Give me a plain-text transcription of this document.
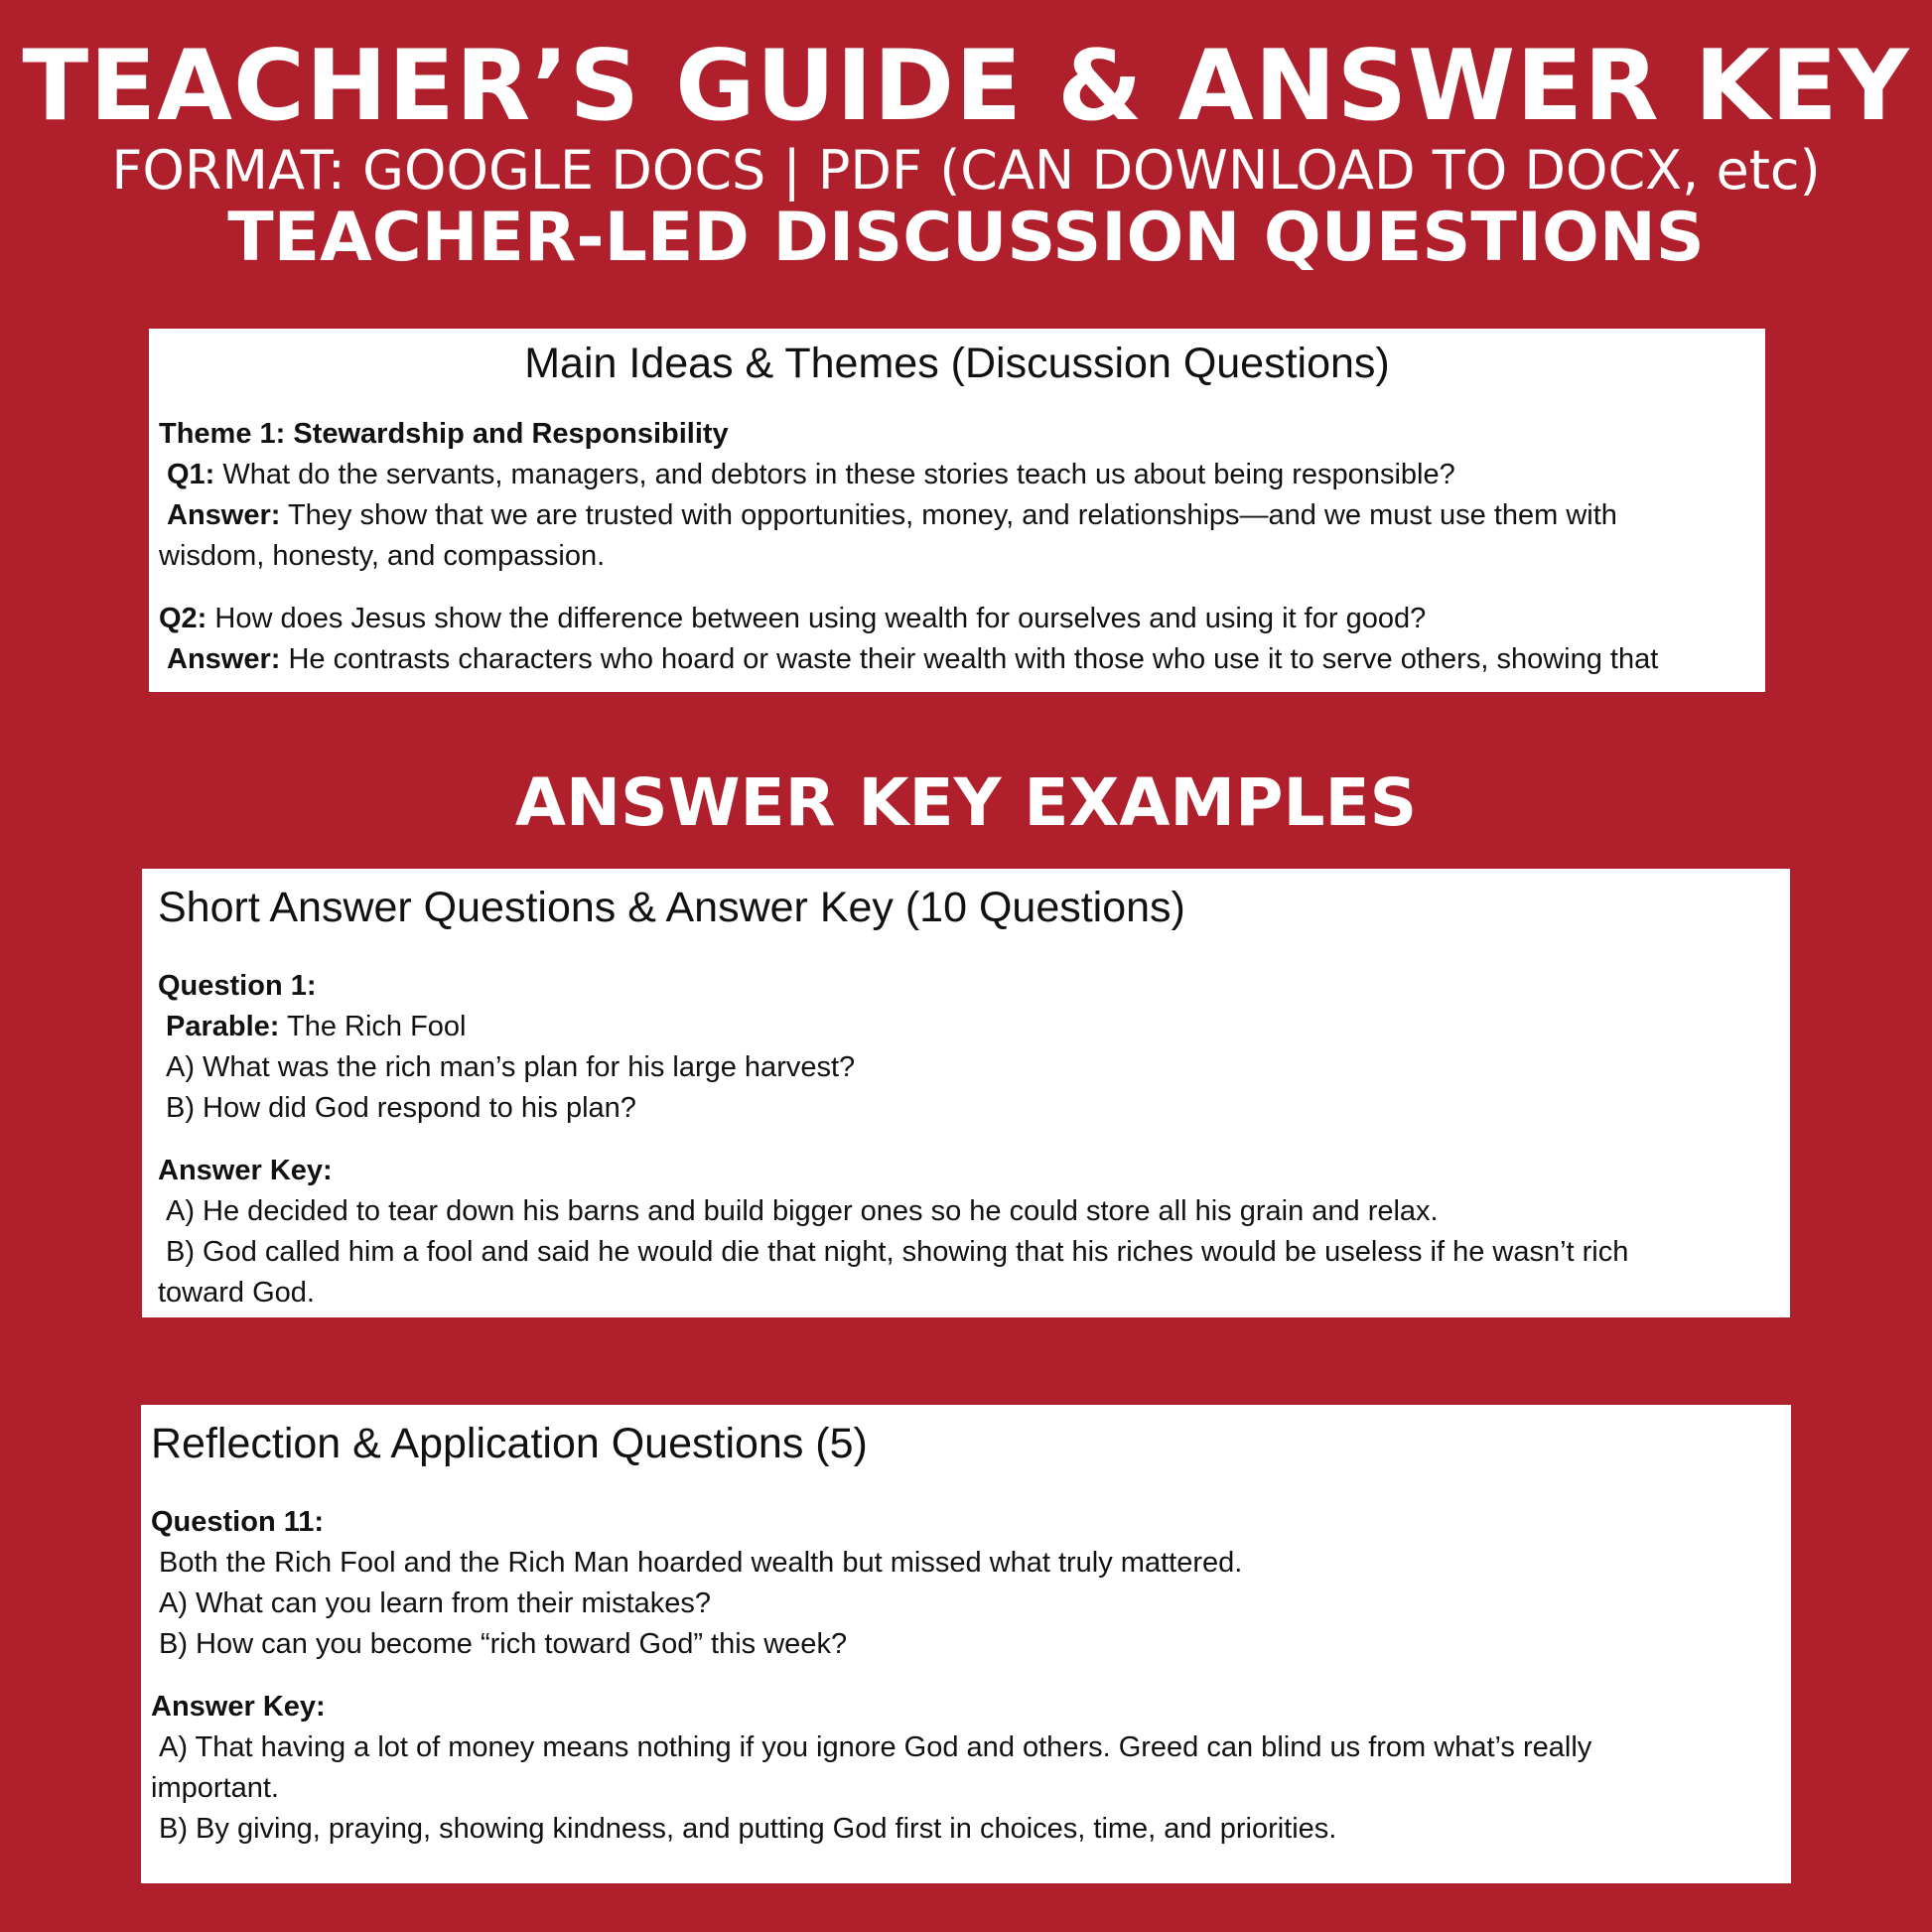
TEACHER’S GUIDE & ANSWER KEY
FORMAT: GOOGLE DOCS | PDF (CAN DOWNLOAD TO DOCX, etc)
TEACHER-LED DISCUSSION QUESTIONS
Main Ideas & Themes (Discussion Questions)

Theme 1: Stewardship and Responsibility

Q1: What do the servants, managers, and debtors in these stories teach us about being responsible?

Answer: They show that we are trusted with opportunities, money, and relationships—and we must use them with

wisdom, honesty, and compassion.

Q2: How does Jesus show the difference between using wealth for ourselves and using it for good?

Answer: He contrasts characters who hoard or waste their wealth with those who use it to serve others, showing that

ANSWER KEY EXAMPLES
Short Answer Questions & Answer Key (10 Questions)

Question 1:

Parable: The Rich Fool

A) What was the rich man’s plan for his large harvest?

B) How did God respond to his plan?

Answer Key:

A) He decided to tear down his barns and build bigger ones so he could store all his grain and relax.

B) God called him a fool and said he would die that night, showing that his riches would be useless if he wasn’t rich

toward God.

Reflection & Application Questions (5)

Question 11:

Both the Rich Fool and the Rich Man hoarded wealth but missed what truly mattered.

A) What can you learn from their mistakes?

B) How can you become “rich toward God” this week?

Answer Key:

A) That having a lot of money means nothing if you ignore God and others. Greed can blind us from what’s really

important.

B) By giving, praying, showing kindness, and putting God first in choices, time, and priorities.
